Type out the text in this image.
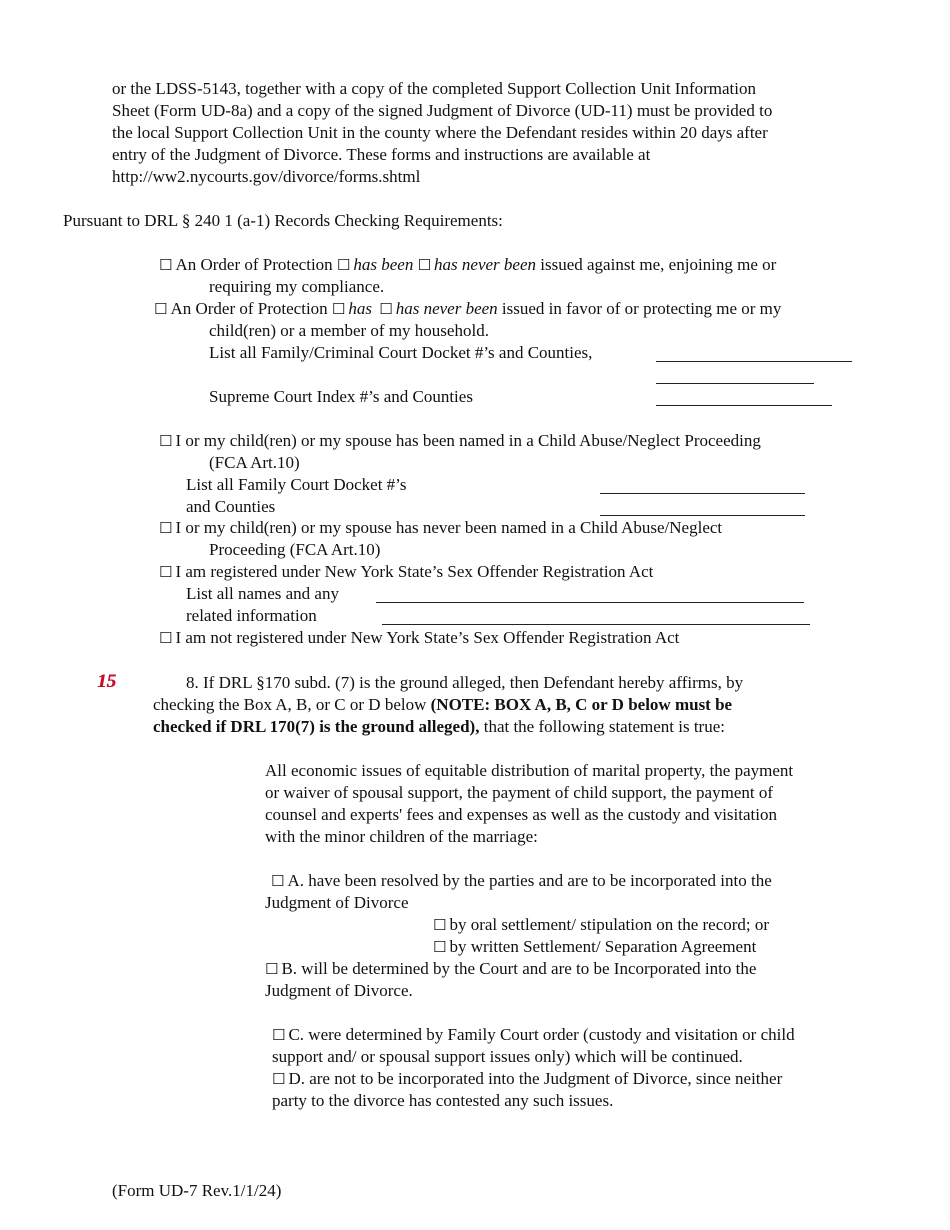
or the LDSS-5143, together with a copy of the completed Support Collection Unit Information
Sheet (Form UD-8a) and a copy of the signed Judgment of Divorce (UD-11) must be provided to
the local Support Collection Unit in the county where the Defendant resides within 20 days after
entry of the Judgment of Divorce. These forms and instructions are available at
http://ww2.nycourts.gov/divorce/forms.shtml
Pursuant to DRL § 240 1 (a-1) Records Checking Requirements:
☐ An Order of Protection ☐ has been ☐ has never been issued against me, enjoining me or
requiring my compliance.
☐ An Order of Protection ☐ has ☐ has never been issued in favor of or protecting me or my
child(ren) or a member of my household.
List all Family/Criminal Court Docket #’s and Counties,
Supreme Court Index #’s and Counties
☐ I or my child(ren) or my spouse has been named in a Child Abuse/Neglect Proceeding
(FCA Art.10)
List all Family Court Docket #’s
and Counties
☐ I or my child(ren) or my spouse has never been named in a Child Abuse/Neglect
Proceeding (FCA Art.10)
☐ I am registered under New York State’s Sex Offender Registration Act
List all names and any
related information
☐ I am not registered under New York State’s Sex Offender Registration Act
15	8. If DRL §170 subd. (7) is the ground alleged, then Defendant hereby affirms, by
checking the Box A, B, or C or D below (NOTE: BOX A, B, C or D below must be
checked if DRL 170(7) is the ground alleged), that the following statement is true:
All economic issues of equitable distribution of marital property, the payment
or waiver of spousal support, the payment of child support, the payment of
counsel and experts' fees and expenses as well as the custody and visitation
with the minor children of the marriage:
☐ A. have been resolved by the parties and are to be incorporated into the
Judgment of Divorce
☐ by oral settlement/ stipulation on the record; or
☐ by written Settlement/ Separation Agreement
☐ B. will be determined by the Court and are to be Incorporated into the
Judgment of Divorce.
☐ C. were determined by Family Court order (custody and visitation or child
support and/ or spousal support issues only) which will be continued.
☐ D. are not to be incorporated into the Judgment of Divorce, since neither
party to the divorce has contested any such issues.
(Form UD-7 Rev.1/1/24)
